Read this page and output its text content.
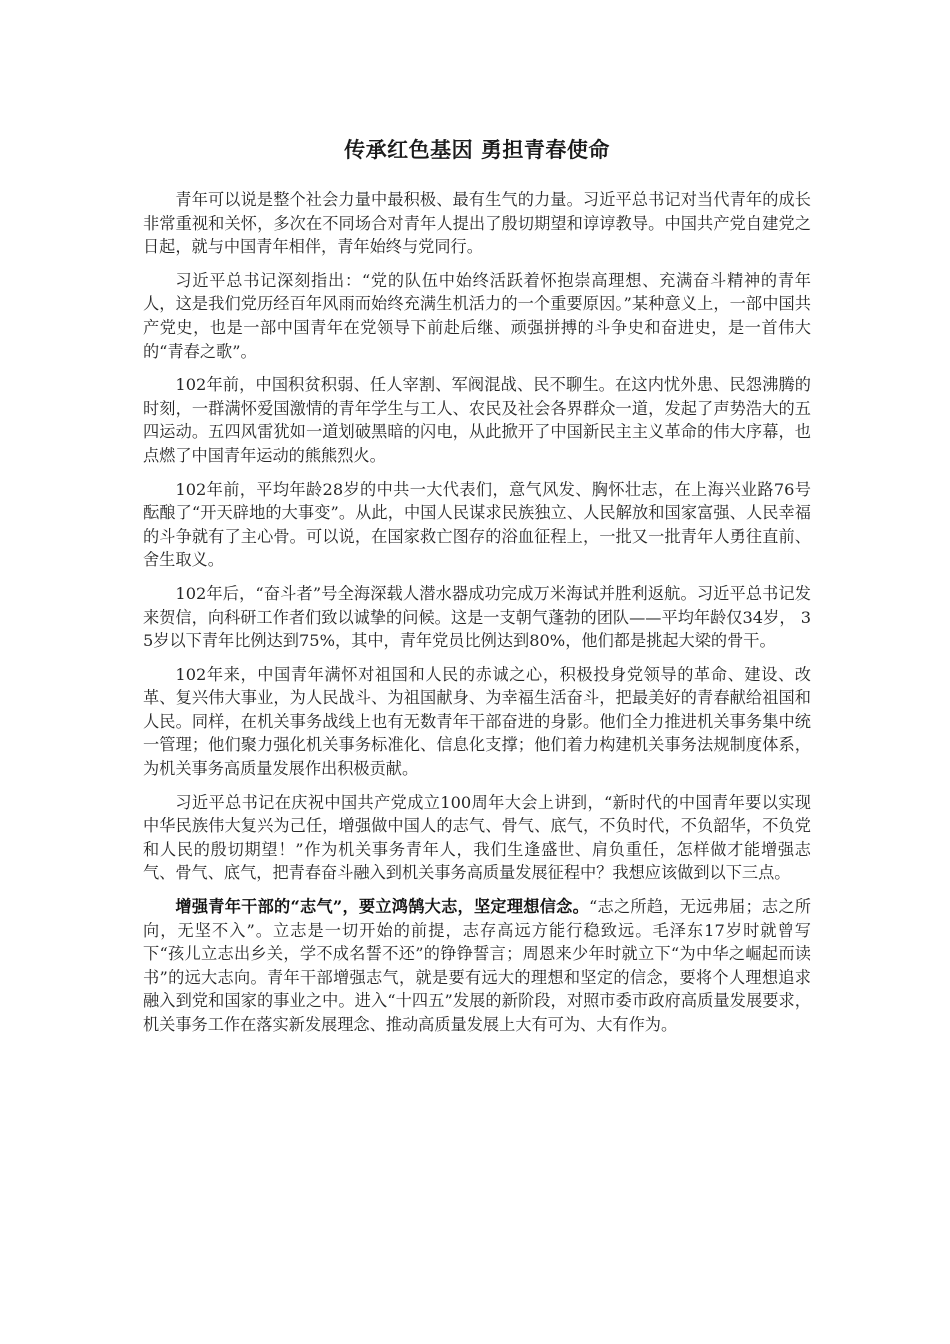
传承红色基因 勇担青春使命

青年可以说是整个社会力量中最积极、最有生气的力量。习近平总书记对当代青年的成长非常重视和关怀，多次在不同场合对青年人提出了殷切期望和谆谆教导。中国共产党自建党之日起，就与中国青年相伴，青年始终与党同行。

习近平总书记深刻指出：“党的队伍中始终活跃着怀抱崇高理想、充满奋斗精神的青年人，这是我们党历经百年风雨而始终充满生机活力的一个重要原因。”某种意义上，一部中国共产党史，也是一部中国青年在党领导下前赴后继、顽强拼搏的斗争史和奋进史，是一首伟大的“青春之歌”。

102年前，中国积贫积弱、任人宰割、军阀混战、民不聊生。在这内忧外患、民怨沸腾的时刻，一群满怀爱国激情的青年学生与工人、农民及社会各界群众一道，发起了声势浩大的五四运动。五四风雷犹如一道划破黑暗的闪电，从此掀开了中国新民主主义革命的伟大序幕，也点燃了中国青年运动的熊熊烈火。

102年前，平均年龄28岁的中共一大代表们，意气风发、胸怀壮志，在上海兴业路76号酝酿了“开天辟地的大事变”。从此，中国人民谋求民族独立、人民解放和国家富强、人民幸福的斗争就有了主心骨。可以说，在国家救亡图存的浴血征程上，一批又一批青年人勇往直前、舍生取义。

102年后，“奋斗者”号全海深载人潜水器成功完成万米海试并胜利返航。习近平总书记发来贺信，向科研工作者们致以诚挚的问候。这是一支朝气蓬勃的团队——平均年龄仅34岁， 35岁以下青年比例达到75%，其中，青年党员比例达到80%，他们都是挑起大梁的骨干。

102年来，中国青年满怀对祖国和人民的赤诚之心，积极投身党领导的革命、建设、改革、复兴伟大事业，为人民战斗、为祖国献身、为幸福生活奋斗，把最美好的青春献给祖国和人民。同样，在机关事务战线上也有无数青年干部奋进的身影。他们全力推进机关事务集中统一管理；他们聚力强化机关事务标准化、信息化支撑；他们着力构建机关事务法规制度体系，为机关事务高质量发展作出积极贡献。

习近平总书记在庆祝中国共产党成立100周年大会上讲到，“新时代的中国青年要以实现中华民族伟大复兴为己任，增强做中国人的志气、骨气、底气，不负时代，不负韶华，不负党和人民的殷切期望！”作为机关事务青年人，我们生逢盛世、肩负重任，怎样做才能增强志气、骨气、底气，把青春奋斗融入到机关事务高质量发展征程中？我想应该做到以下三点。

增强青年干部的“志气”，要立鸿鹄大志，坚定理想信念。“志之所趋，无远弗届；志之所向，无坚不入”。立志是一切开始的前提，志存高远方能行稳致远。毛泽东17岁时就曾写下“孩儿立志出乡关，学不成名誓不还”的铮铮誓言；周恩来少年时就立下“为中华之崛起而读书”的远大志向。青年干部增强志气，就是要有远大的理想和坚定的信念，要将个人理想追求融入到党和国家的事业之中。进入“十四五”发展的新阶段，对照市委市政府高质量发展要求，机关事务工作在落实新发展理念、推动高质量发展上大有可为、大有作为。
